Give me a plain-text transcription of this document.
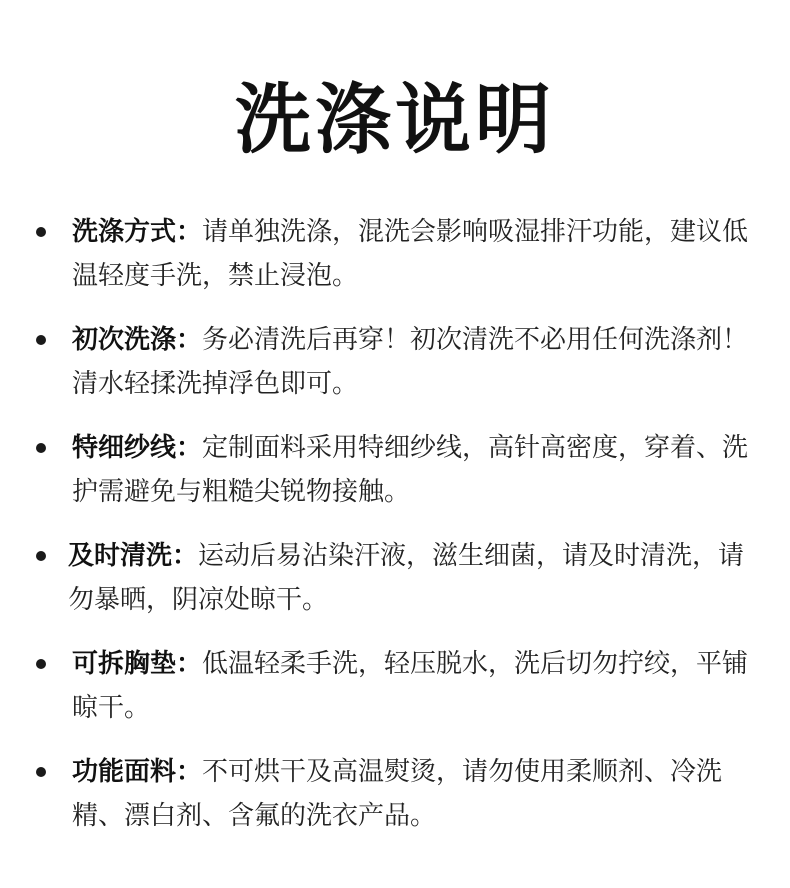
洗涤说明
洗涤方式：请单独洗涤，混洗会影响吸湿排汗功能，建议低温轻度手洗，禁止浸泡。
初次洗涤：务必清洗后再穿！初次清洗不必用任何洗涤剂！清水轻揉洗掉浮色即可。
特细纱线：定制面料采用特细纱线，高针高密度，穿着、洗护需避免与粗糙尖锐物接触。
及时清洗：运动后易沾染汗液，滋生细菌，请及时清洗，请勿暴晒，阴凉处晾干。
可拆胸垫：低温轻柔手洗，轻压脱水，洗后切勿拧绞，平铺晾干。
功能面料：不可烘干及高温熨烫，请勿使用柔顺剂、冷洗精、漂白剂、含氟的洗衣产品。
